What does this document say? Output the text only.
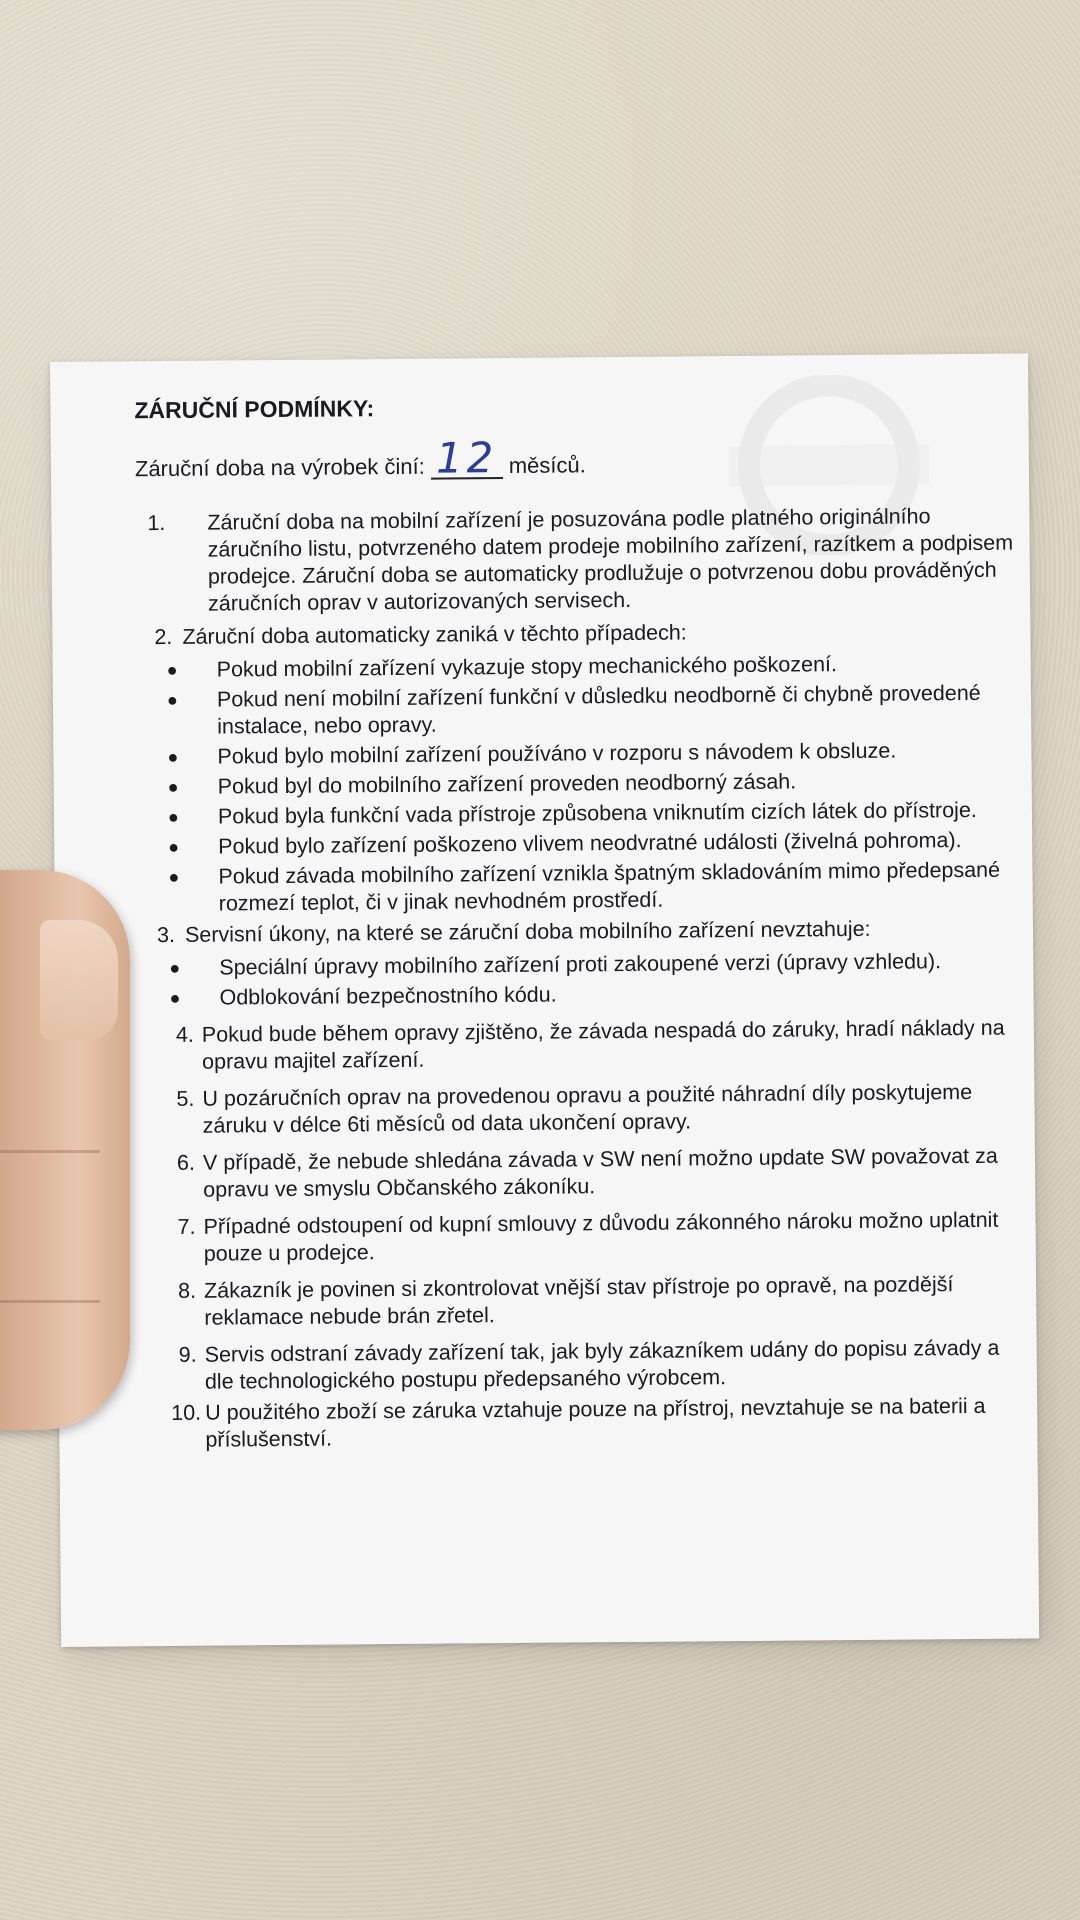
ZÁRUČNÍ PODMÍNKY:
Záruční doba na výrobek činí: 12 měsíců.
1.	Záruční doba na mobilní zařízení je posuzována podle platného originálního záručního listu, potvrzeného datem prodeje mobilního zařízení, razítkem a podpisem prodejce. Záruční doba se automaticky prodlužuje o potvrzenou dobu prováděných záručních oprav v autorizovaných servisech.
2. Záruční doba automaticky zaniká v těchto případech:
●	Pokud mobilní zařízení vykazuje stopy mechanického poškození.
●	Pokud není mobilní zařízení funkční v důsledku neodborně či chybně provedené instalace, nebo opravy.
●	Pokud bylo mobilní zařízení používáno v rozporu s návodem k obsluze.
●	Pokud byl do mobilního zařízení proveden neodborný zásah.
●	Pokud byla funkční vada přístroje způsobena vniknutím cizích látek do přístroje.
●	Pokud bylo zařízení poškozeno vlivem neodvratné události (živelná pohroma).
●	Pokud závada mobilního zařízení vznikla špatným skladováním mimo předepsané rozmezí teplot, či v jinak nevhodném prostředí.
3. Servisní úkony, na které se záruční doba mobilního zařízení nevztahuje:
●	Speciální úpravy mobilního zařízení proti zakoupené verzi (úpravy vzhledu).
●	Odblokování bezpečnostního kódu.
4. Pokud bude během opravy zjištěno, že závada nespadá do záruky, hradí náklady na opravu majitel zařízení.
5. U pozáručních oprav na provedenou opravu a použité náhradní díly poskytujeme záruku v délce 6ti měsíců od data ukončení opravy.
6. V případě, že nebude shledána závada v SW není možno update SW považovat za opravu ve smyslu Občanského zákoníku.
7. Případné odstoupení od kupní smlouvy z důvodu zákonného nároku možno uplatnit pouze u prodejce.
8. Zákazník je povinen si zkontrolovat vnější stav přístroje po opravě, na pozdější reklamace nebude brán zřetel.
9. Servis odstraní závady zařízení tak, jak byly zákazníkem udány do popisu závady a dle technologického postupu předepsaného výrobcem.
10. U použitého zboží se záruka vztahuje pouze na přístroj, nevztahuje se na baterii a příslušenství.
